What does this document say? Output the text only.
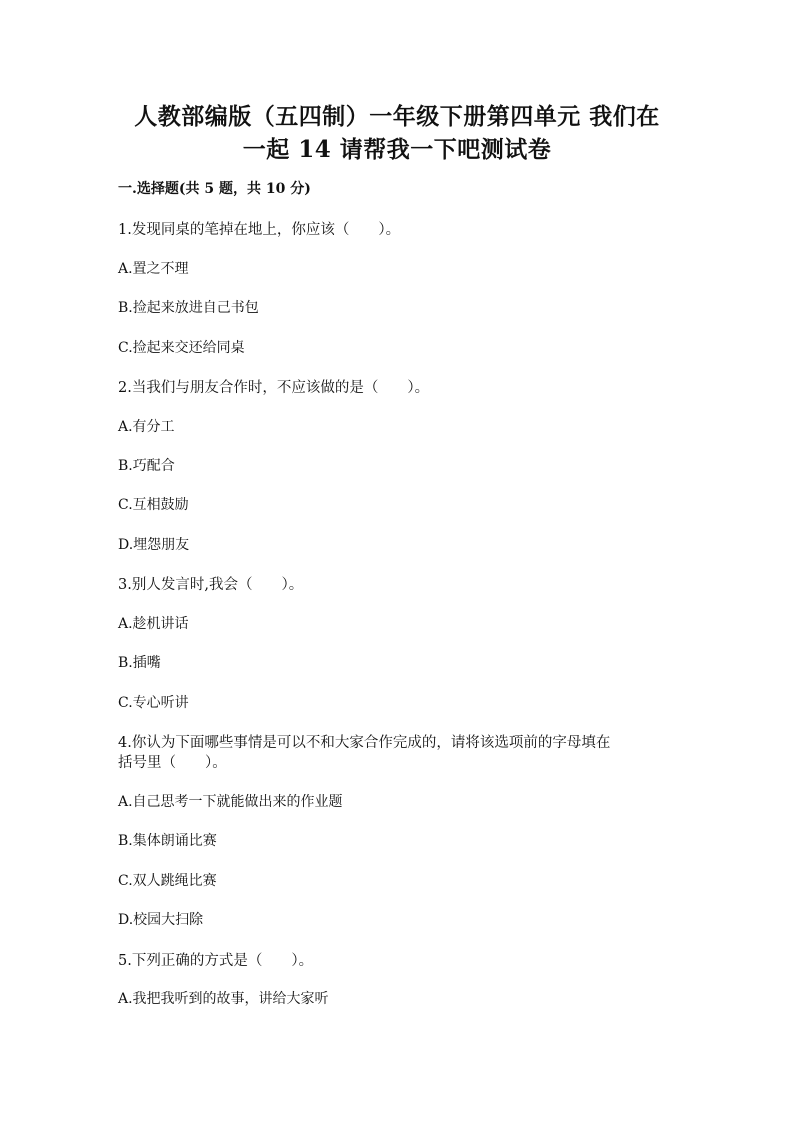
人教部编版（五四制）一年级下册第四单元 我们在
一起 14 请帮我一下吧测试卷
一.选择题(共 5 题，共 10 分)
1.发现同桌的笔掉在地上，你应该（　　）。
A.置之不理
B.捡起来放进自己书包
C.捡起来交还给同桌
2.当我们与朋友合作时，不应该做的是（　　）。
A.有分工
B.巧配合
C.互相鼓励
D.埋怨朋友
3.别人发言时,我会（　　）。
A.趁机讲话
B.插嘴
C.专心听讲
4.你认为下面哪些事情是可以不和大家合作完成的，请将该选项前的字母填在
括号里（　　）。
A.自己思考一下就能做出来的作业题
B.集体朗诵比赛
C.双人跳绳比赛
D.校园大扫除
5.下列正确的方式是（　　）。
A.我把我听到的故事，讲给大家听
